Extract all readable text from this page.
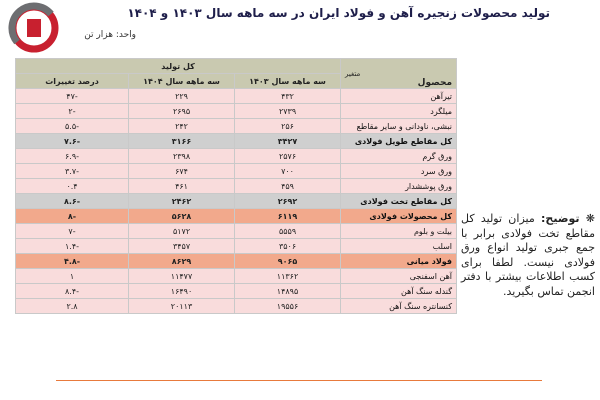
تولید محصولات زنجیره آهن و فولاد ایران در سه ماهه سال ۱۴۰۳ و ۱۴۰۴
واحد: هزار تن
متغیر
محصول	کل تولید		
	سه ماهه سال ۱۴۰۳	سه ماهه سال ۱۴۰۴	درصد تغییرات
تیرآهن	۴۳۲	۲۲۹	-۴۷
میلگرد	۲۷۳۹	۲۶۹۵	-۲
نبشی، ناودانی و سایر مقاطع	۲۵۶	۲۴۲	-۵.۵
کل مقاطع طویل فولادی	۳۴۲۷	۳۱۶۶	-۷.۶
ورق گرم	۲۵۷۶	۲۳۹۸	-۶.۹
ورق سرد	۷۰۰	۶۷۴	-۳.۷
ورق پوششدار	۴۵۹	۴۶۱	۰.۴
کل مقاطع تخت فولادی	۲۶۹۲	۲۴۶۲	-۸.۶
کل محصولات فولادی	۶۱۱۹	۵۶۲۸	-۸
بیلت و بلوم	۵۵۵۹	۵۱۷۲	-۷
اسلب	۳۵۰۶	۳۴۵۷	-۱.۴
فولاد میانی	۹۰۶۵	۸۶۲۹	-۴.۸
آهن اسفنجی	۱۱۳۶۲	۱۱۴۷۷	۱
گندله سنگ آهن	۱۴۸۹۵	۱۶۴۹۰	-۸.۴
کنسانتره سنگ آهن	۱۹۵۵۶	۲۰۱۱۳	۲.۸
❋ توضیح: میزان تولید کل مقاطع تخت فولادی برابر با جمع جبری تولید انواع ورق فولادی نیست. لطفا برای کسب اطلاعات بیشتر با دفتر انجمن تماس بگیرید.
